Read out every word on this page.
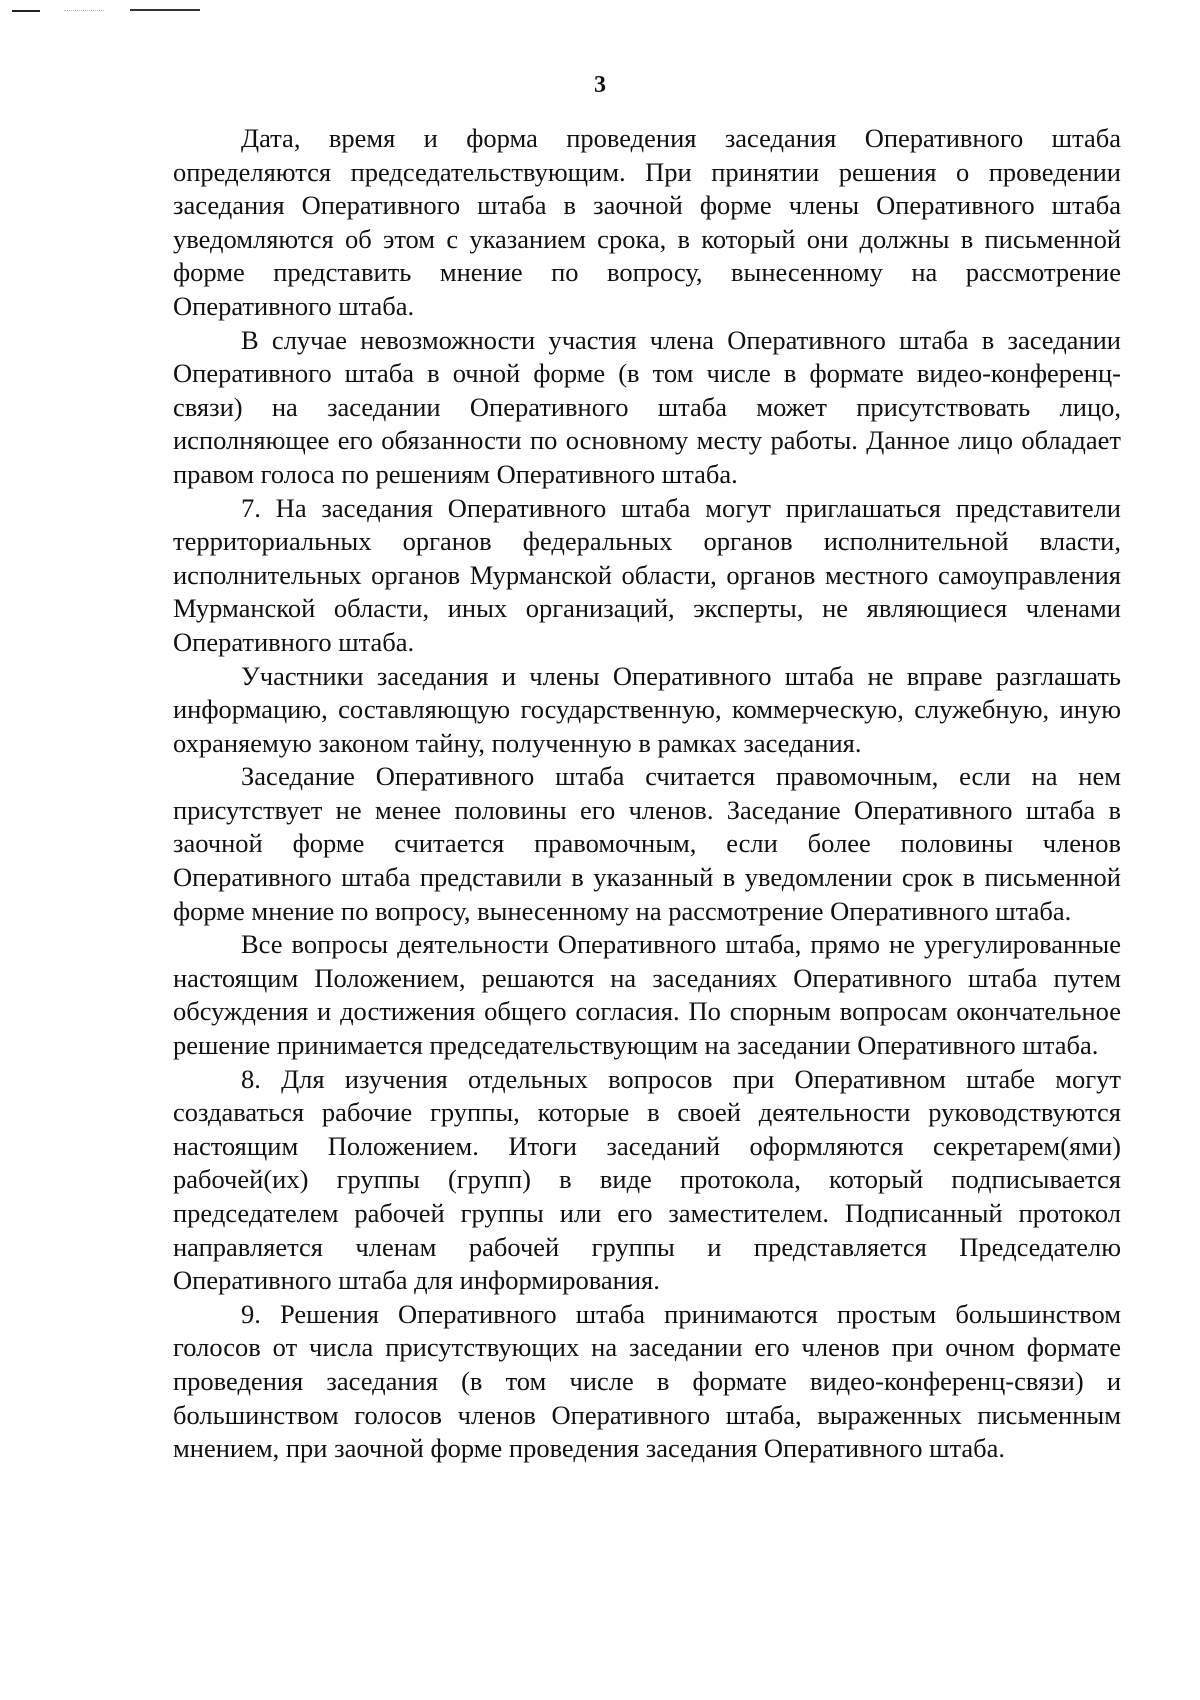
3

Дата, время и форма проведения заседания Оперативного штаба определяются председательствующим. При принятии решения о проведении заседания Оперативного штаба в заочной форме члены Оперативного штаба уведомляются об этом с указанием срока, в который они должны в письменной форме представить мнение по вопросу, вынесенному на рассмотрение Оперативного штаба.

В случае невозможности участия члена Оперативного штаба в заседании Оперативного штаба в очной форме (в том числе в формате видео-конференц-связи) на заседании Оперативного штаба может присутствовать лицо, исполняющее его обязанности по основному месту работы. Данное лицо обладает правом голоса по решениям Оперативного штаба.

7. На заседания Оперативного штаба могут приглашаться представители территориальных органов федеральных органов исполнительной власти, исполнительных органов Мурманской области, органов местного самоуправления Мурманской области, иных организаций, эксперты, не являющиеся членами Оперативного штаба.

Участники заседания и члены Оперативного штаба не вправе разглашать информацию, составляющую государственную, коммерческую, служебную, иную охраняемую законом тайну, полученную в рамках заседания.

Заседание Оперативного штаба считается правомочным, если на нем присутствует не менее половины его членов. Заседание Оперативного штаба в заочной форме считается правомочным, если более половины членов Оперативного штаба представили в указанный в уведомлении срок в письменной форме мнение по вопросу, вынесенному на рассмотрение Оперативного штаба.

Все вопросы деятельности Оперативного штаба, прямо не урегулированные настоящим Положением, решаются на заседаниях Оперативного штаба путем обсуждения и достижения общего согласия. По спорным вопросам окончательное решение принимается председательствующим на заседании Оперативного штаба.

8. Для изучения отдельных вопросов при Оперативном штабе могут создаваться рабочие группы, которые в своей деятельности руководствуются настоящим Положением. Итоги заседаний оформляются секретарем(ями) рабочей(их) группы (групп) в виде протокола, который подписывается председателем рабочей группы или его заместителем. Подписанный протокол направляется членам рабочей группы и представляется Председателю Оперативного штаба для информирования.

9. Решения Оперативного штаба принимаются простым большинством голосов от числа присутствующих на заседании его членов при очном формате проведения заседания (в том числе в формате видео-конференц-связи) и большинством голосов членов Оперативного штаба, выраженных письменным мнением, при заочной форме проведения заседания Оперативного штаба.
